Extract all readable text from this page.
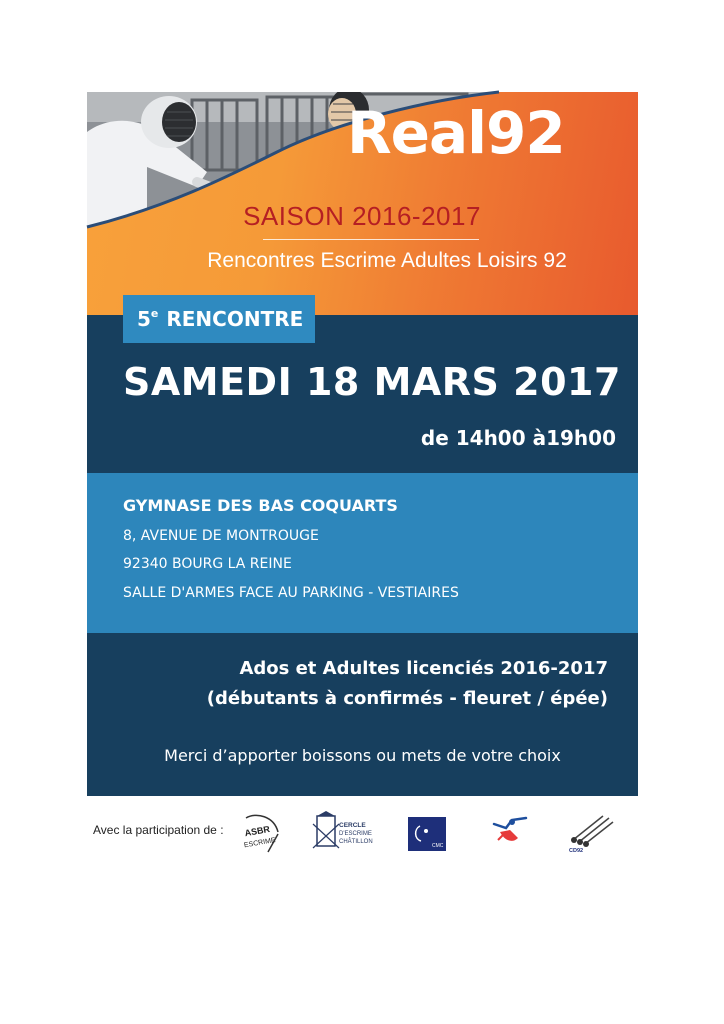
Real92
SAISON 2016-2017
Rencontres Escrime Adultes Loisirs 92
5e RENCONTRE
SAMEDI 18 MARS 2017
de 14h00 à19h00
GYMNASE DES BAS COQUARTS
8, AVENUE DE MONTROUGE
92340 BOURG LA REINE
SALLE D'ARMES FACE AU PARKING - VESTIAIRES
Ados et Adultes licenciés 2016-2017
(débutants à confirmés - fleuret / épée)
Merci d’apporter boissons ou mets de votre choix
Avec la participation de : ASBR
ESCRIME
CERCLE
D'ESCRIME
CHÂTILLON
CMC
CD92
